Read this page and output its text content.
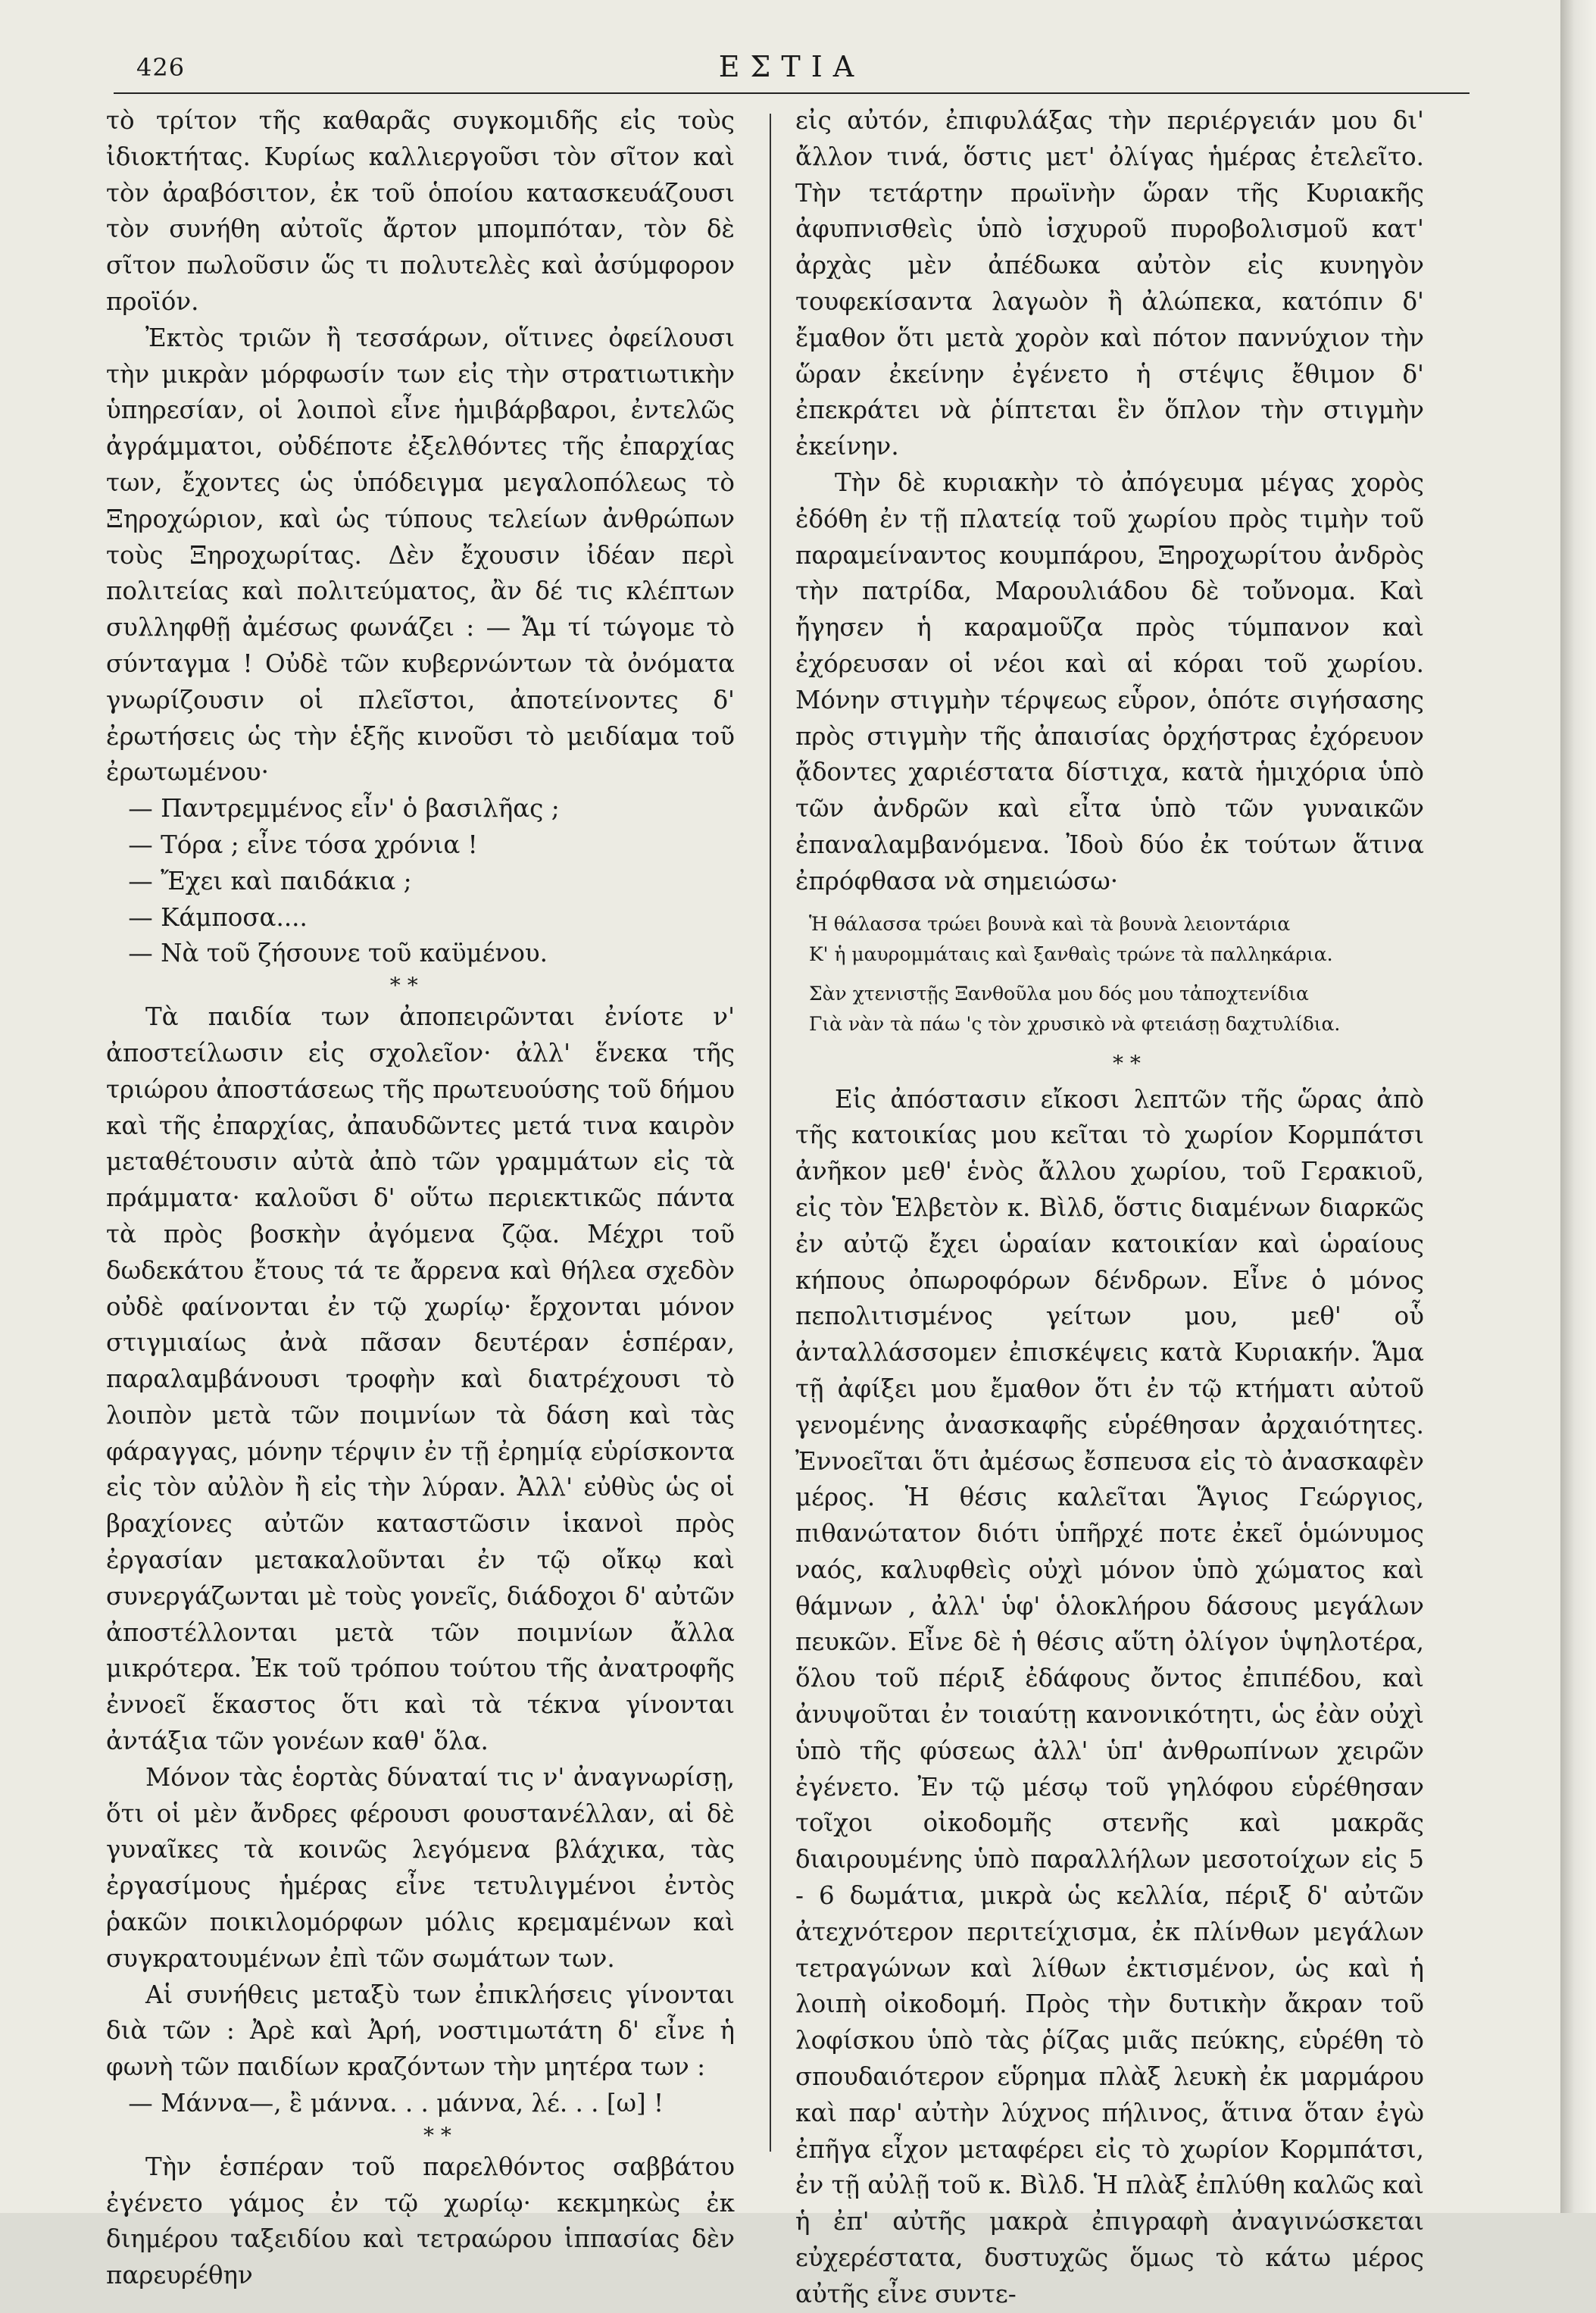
426	ΕΣΤΙΑ

τὸ τρίτον τῆς καθαρᾶς συγκομιδῆς εἰς τοὺς ἰδιοκτήτας. Κυρίως καλλιεργοῦσι τὸν σῖτον καὶ τὸν ἀραβόσιτον, ἐκ τοῦ ὁποίου κατασκευάζουσι τὸν συνήθη αὐτοῖς ἄρτον μπομπόταν, τὸν δὲ σῖτον πωλοῦσιν ὥς τι πολυτελὲς καὶ ἀσύμφορον προϊόν.

Ἐκτὸς τριῶν ἢ τεσσάρων, οἵτινες ὀφείλουσι τὴν μικρὰν μόρφωσίν των εἰς τὴν στρατιωτικὴν ὑπηρεσίαν, οἱ λοιποὶ εἶνε ἡμιβάρβαροι, ἐντελῶς ἀγράμματοι, οὐδέποτε ἐξελθόντες τῆς ἐπαρχίας των, ἔχοντες ὡς ὑπόδειγμα μεγαλοπόλεως τὸ Ξηροχώριον, καὶ ὡς τύπους τελείων ἀνθρώπων τοὺς Ξηροχωρίτας. Δὲν ἔχουσιν ἰδέαν περὶ πολιτείας καὶ πολιτεύματος, ἂν δέ τις κλέπτων συλληφθῇ ἀμέσως φωνάζει : — Ἄμ τί τώγομε τὸ σύνταγμα ! Οὐδὲ τῶν κυβερνώντων τὰ ὀνόματα γνωρίζουσιν οἱ πλεῖστοι, ἀποτείνοντες δ' ἐρωτήσεις ὡς τὴν ἑξῆς κινοῦσι τὸ μειδίαμα τοῦ ἐρωτωμένου·

— Παντρεμμένος εἶν' ὁ βασιλῆας ;

— Τόρα ; εἶνε τόσα χρόνια !

— Ἔχει καὶ παιδάκια ;

— Κάμποσα....

— Νὰ τοῦ ζήσουνε τοῦ καϋμένου.

* *

Τὰ παιδία των ἀποπειρῶνται ἐνίοτε ν' ἀποστείλωσιν εἰς σχολεῖον· ἀλλ' ἕνεκα τῆς τριώρου ἀποστάσεως τῆς πρωτευούσης τοῦ δήμου καὶ τῆς ἐπαρχίας, ἀπαυδῶντες μετά τινα καιρὸν μεταθέτουσιν αὐτὰ ἀπὸ τῶν γραμμάτων εἰς τὰ πράμματα· καλοῦσι δ' οὕτω περιεκτικῶς πάντα τὰ πρὸς βοσκὴν ἀγόμενα ζῷα. Μέχρι τοῦ δωδεκάτου ἔτους τά τε ἄρρενα καὶ θήλεα σχεδὸν οὐδὲ φαίνονται ἐν τῷ χωρίῳ· ἔρχονται μόνον στιγμιαίως ἀνὰ πᾶσαν δευτέραν ἑσπέραν, παραλαμβάνουσι τροφὴν καὶ διατρέχουσι τὸ λοιπὸν μετὰ τῶν ποιμνίων τὰ δάση καὶ τὰς φάραγγας, μόνην τέρψιν ἐν τῇ ἐρημίᾳ εὑρίσκοντα εἰς τὸν αὐλὸν ἢ εἰς τὴν λύραν. Ἀλλ' εὐθὺς ὡς οἱ βραχίονες αὐτῶν καταστῶσιν ἱκανοὶ πρὸς ἐργασίαν μετακαλοῦνται ἐν τῷ οἴκῳ καὶ συνεργάζωνται μὲ τοὺς γονεῖς, διάδοχοι δ' αὐτῶν ἀποστέλλονται μετὰ τῶν ποιμνίων ἄλλα μικρότερα. Ἐκ τοῦ τρόπου τούτου τῆς ἀνατροφῆς ἐννοεῖ ἕκαστος ὅτι καὶ τὰ τέκνα γίνονται ἀντάξια τῶν γονέων καθ' ὅλα.

Μόνον τὰς ἑορτὰς δύναταί τις ν' ἀναγνωρίσῃ, ὅτι οἱ μὲν ἄνδρες φέρουσι φουστανέλλαν, αἱ δὲ γυναῖκες τὰ κοινῶς λεγόμενα βλάχικα, τὰς ἐργασίμους ἡμέρας εἶνε τετυλιγμένοι ἐντὸς ῥακῶν ποικιλομόρφων μόλις κρεμαμένων καὶ συγκρατουμένων ἐπὶ τῶν σωμάτων των.

Αἱ συνήθεις μεταξὺ των ἐπικλήσεις γίνονται διὰ τῶν : Ἀρὲ καὶ Ἀρή, νοστιμωτάτη δ' εἶνε ἡ φωνὴ τῶν παιδίων κραζόντων τὴν μητέρα των :

— Μάννα—, ἒ μάννα. . . μάννα, λέ. . . [ω] !

* *

Τὴν ἑσπέραν τοῦ παρελθόντος σαββάτου ἐγένετο γάμος ἐν τῷ χωρίῳ· κεκμηκὼς ἐκ διημέρου ταξειδίου καὶ τετραώρου ἱππασίας δὲν παρευρέθην

εἰς αὐτόν, ἐπιφυλάξας τὴν περιέργειάν μου δι' ἄλλον τινά, ὅστις μετ' ὀλίγας ἡμέρας ἐτελεῖτο. Τὴν τετάρτην πρωϊνὴν ὥραν τῆς Κυριακῆς ἀφυπνισθεὶς ὑπὸ ἰσχυροῦ πυροβολισμοῦ κατ' ἀρχὰς μὲν ἀπέδωκα αὐτὸν εἰς κυνηγὸν τουφεκίσαντα λαγωὸν ἢ ἀλώπεκα, κατόπιν δ' ἔμαθον ὅτι μετὰ χορὸν καὶ πότον παννύχιον τὴν ὥραν ἐκείνην ἐγένετο ἡ στέψις ἔθιμον δ' ἐπεκράτει νὰ ῥίπτεται ἓν ὅπλον τὴν στιγμὴν ἐκείνην.

Τὴν δὲ κυριακὴν τὸ ἀπόγευμα μέγας χορὸς ἐδόθη ἐν τῇ πλατείᾳ τοῦ χωρίου πρὸς τιμὴν τοῦ παραμείναντος κουμπάρου, Ξηροχωρίτου ἀνδρὸς τὴν πατρίδα, Μαρουλιάδου δὲ τοὔνομα. Καὶ ἤγησεν ἡ καραμοῦζα πρὸς τύμπανον καὶ ἐχόρευσαν οἱ νέοι καὶ αἱ κόραι τοῦ χωρίου. Μόνην στιγμὴν τέρψεως εὗρον, ὁπότε σιγήσασης πρὸς στιγμὴν τῆς ἀπαισίας ὀρχήστρας ἐχόρευον ᾄδοντες χαριέστατα δίστιχα, κατὰ ἡμιχόρια ὑπὸ τῶν ἀνδρῶν καὶ εἶτα ὑπὸ τῶν γυναικῶν ἐπαναλαμβανόμενα. Ἰδοὺ δύο ἐκ τούτων ἅτινα ἐπρόφθασα νὰ σημειώσω·

Ἡ θάλασσα τρώει βουνὰ καὶ τὰ βουνὰ λειοντάρια
Κ' ἡ μαυρομμάταις καὶ ξανθαὶς τρώνε τὰ παλληκάρια.
Σὰν χτενιστῇς Ξανθοῦλα μου δός μου τἀποχτενίδια
Γιὰ νὰν τὰ πάω 'ς τὸν χρυσικὸ νὰ φτειάσῃ δαχτυλίδια.

* *

Εἰς ἀπόστασιν εἴκοσι λεπτῶν τῆς ὥρας ἀπὸ τῆς κατοικίας μου κεῖται τὸ χωρίον Κορμπάτσι ἀνῆκον μεθ' ἑνὸς ἄλλου χωρίου, τοῦ Γερακιοῦ, εἰς τὸν Ἑλβετὸν κ. Βὶλδ, ὅστις διαμένων διαρκῶς ἐν αὐτῷ ἔχει ὡραίαν κατοικίαν καὶ ὡραίους κήπους ὀπωροφόρων δένδρων. Εἶνε ὁ μόνος πεπολιτισμένος γείτων μου, μεθ' οὗ ἀνταλλάσσομεν ἐπισκέψεις κατὰ Κυριακήν. Ἅμα τῇ ἀφίξει μου ἔμαθον ὅτι ἐν τῷ κτήματι αὐτοῦ γενομένης ἀνασκαφῆς εὑρέθησαν ἀρχαιότητες. Ἐννοεῖται ὅτι ἀμέσως ἔσπευσα εἰς τὸ ἀνασκαφὲν μέρος. Ἡ θέσις καλεῖται Ἅγιος Γεώργιος, πιθανώτατον διότι ὑπῆρχέ ποτε ἐκεῖ ὁμώνυμος ναός, καλυφθεὶς οὐχὶ μόνον ὑπὸ χώματος καὶ θάμνων , ἀλλ' ὑφ' ὁλοκλήρου δάσους μεγάλων πευκῶν. Εἶνε δὲ ἡ θέσις αὕτη ὀλίγον ὑψηλοτέρα, ὅλου τοῦ πέριξ ἐδάφους ὄντος ἐπιπέδου, καὶ ἀνυψοῦται ἐν τοιαύτῃ κανονικότητι, ὡς ἐὰν οὐχὶ ὑπὸ τῆς φύσεως ἀλλ' ὑπ' ἀνθρωπίνων χειρῶν ἐγένετο. Ἐν τῷ μέσῳ τοῦ γηλόφου εὑρέθησαν τοῖχοι οἰκοδομῆς στενῆς καὶ μακρᾶς διαιρουμένης ὑπὸ παραλλήλων μεσοτοίχων εἰς 5 - 6 δωμάτια, μικρὰ ὡς κελλία, πέριξ δ' αὐτῶν ἀτεχνότερον περιτείχισμα, ἐκ πλίνθων μεγάλων τετραγώνων καὶ λίθων ἐκτισμένον, ὡς καὶ ἡ λοιπὴ οἰκοδομή. Πρὸς τὴν δυτικὴν ἄκραν τοῦ λοφίσκου ὑπὸ τὰς ῥίζας μιᾶς πεύκης, εὑρέθη τὸ σπουδαιότερον εὕρημα πλὰξ λευκὴ ἐκ μαρμάρου καὶ παρ' αὐτὴν λύχνος πήλινος, ἅτινα ὅταν ἐγὼ ἐπῆγα εἶχον μεταφέρει εἰς τὸ χωρίον Κορμπάτσι, ἐν τῇ αὐλῇ τοῦ κ. Βὶλδ. Ἡ πλὰξ ἐπλύθη καλῶς καὶ ἡ ἐπ' αὐτῆς μακρὰ ἐπιγραφὴ ἀναγινώσκεται εὐχερέστατα, δυστυχῶς ὅμως τὸ κάτω μέρος αὐτῆς εἶνε συντε-
